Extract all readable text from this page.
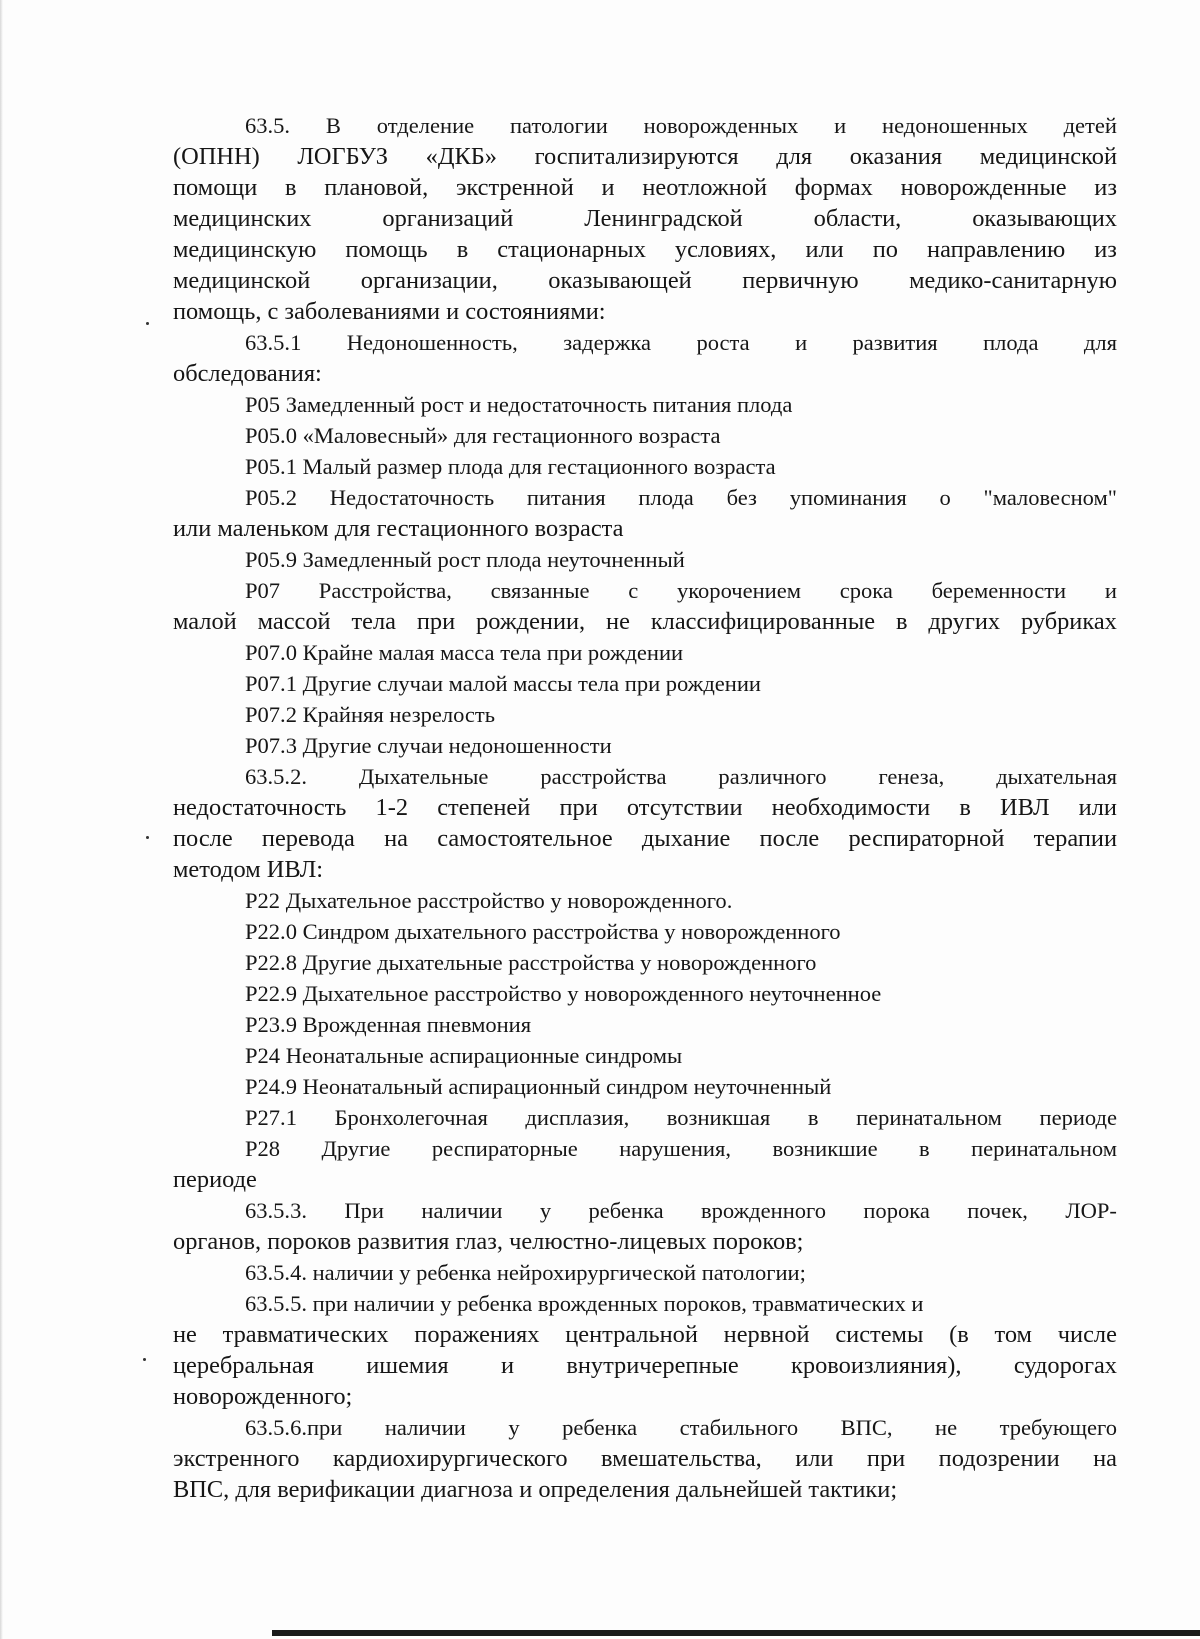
63.5. В отделение патологии новорожденных и недоношенных детей
(ОПНН) ЛОГБУЗ «ДКБ» госпитализируются для оказания медицинской
помощи в плановой, экстренной и неотложной формах новорожденные из
медицинских	организаций	Ленинградской	области,	оказывающих
медицинскую помощь в стационарных условиях, или по направлению из
медицинской организации, оказывающей первичную медико-санитарную
помощь, с заболеваниями и состояниями:
63.5.1 Недоношенность, задержка роста и развития плода для
обследования:
Р05 Замедленный рост и недостаточность питания плода
Р05.0 «Маловесный» для гестационного возраста
Р05.1 Малый размер плода для гестационного возраста
Р05.2 Недостаточность питания плода без упоминания о "маловесном"
или маленьком для гестационного возраста
Р05.9 Замедленный рост плода неуточненный
Р07 Расстройства, связанные с укорочением срока беременности и
малой массой тела при рождении, не классифицированные в других рубриках
Р07.0 Крайне малая масса тела при рождении
Р07.1 Другие случаи малой массы тела при рождении
Р07.2 Крайняя незрелость
Р07.3 Другие случаи недоношенности
63.5.2. Дыхательные расстройства различного генеза, дыхательная
недостаточность 1-2 степеней при отсутствии необходимости в ИВЛ или
после перевода на самостоятельное дыхание после респираторной терапии
методом ИВЛ:
Р22 Дыхательное расстройство у новорожденного.
Р22.0 Синдром дыхательного расстройства у новорожденного
Р22.8 Другие дыхательные расстройства у новорожденного
Р22.9 Дыхательное расстройство у новорожденного неуточненное
Р23.9 Врожденная пневмония
Р24 Неонатальные аспирационные синдромы
Р24.9 Неонатальный аспирационный синдром неуточненный
Р27.1 Бронхолегочная дисплазия, возникшая в перинатальном периоде
Р28 Другие респираторные нарушения, возникшие в перинатальном
периоде
63.5.3. При наличии у ребенка врожденного порока почек, ЛОР-
органов, пороков развития глаз, челюстно-лицевых пороков;
63.5.4. наличии у ребенка нейрохирургической патологии;
63.5.5. при наличии у ребенка врожденных пороков, травматических и
не травматических поражениях центральной нервной системы (в том числе
церебральная ишемия и внутричерепные кровоизлияния), судорогах
новорожденного;
63.5.6.при наличии у ребенка стабильного ВПС, не требующего
экстренного кардиохирургического вмешательства, или при подозрении на
ВПС, для верификации диагноза и определения дальнейшей тактики;
